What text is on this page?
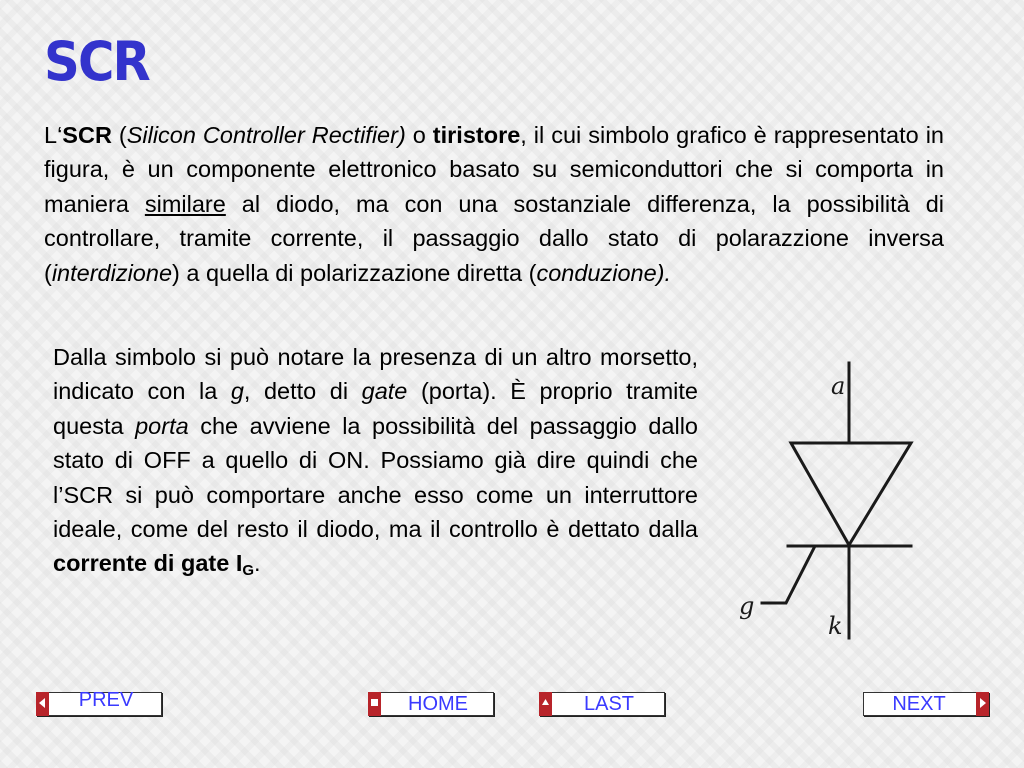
SCR

L‘SCR (Silicon Controller Rectifier) o tiristore, il cui simbolo grafico è rappresentato in figura, è un componente elettronico basato su semiconduttori che si comporta in maniera similare al diodo, ma con una sostanziale differenza, la possibilità di controllare, tramite corrente, il passaggio dallo stato di polarazzione inversa (interdizione) a quella di polarizzazione diretta (conduzione).

Dalla simbolo si può notare la presenza di un altro morsetto, indicato con la g, detto di gate (porta). È proprio tramite questa porta che avviene la possibilità del passaggio dallo stato di OFF a quello di ON. Possiamo già dire quindi che l’SCR si può comportare anche esso come un interruttore ideale, come del resto il diodo, ma il controllo è dettato dalla corrente di gate $I_G$.

a
g
k
PREV	HOME	LAST	NEXT
